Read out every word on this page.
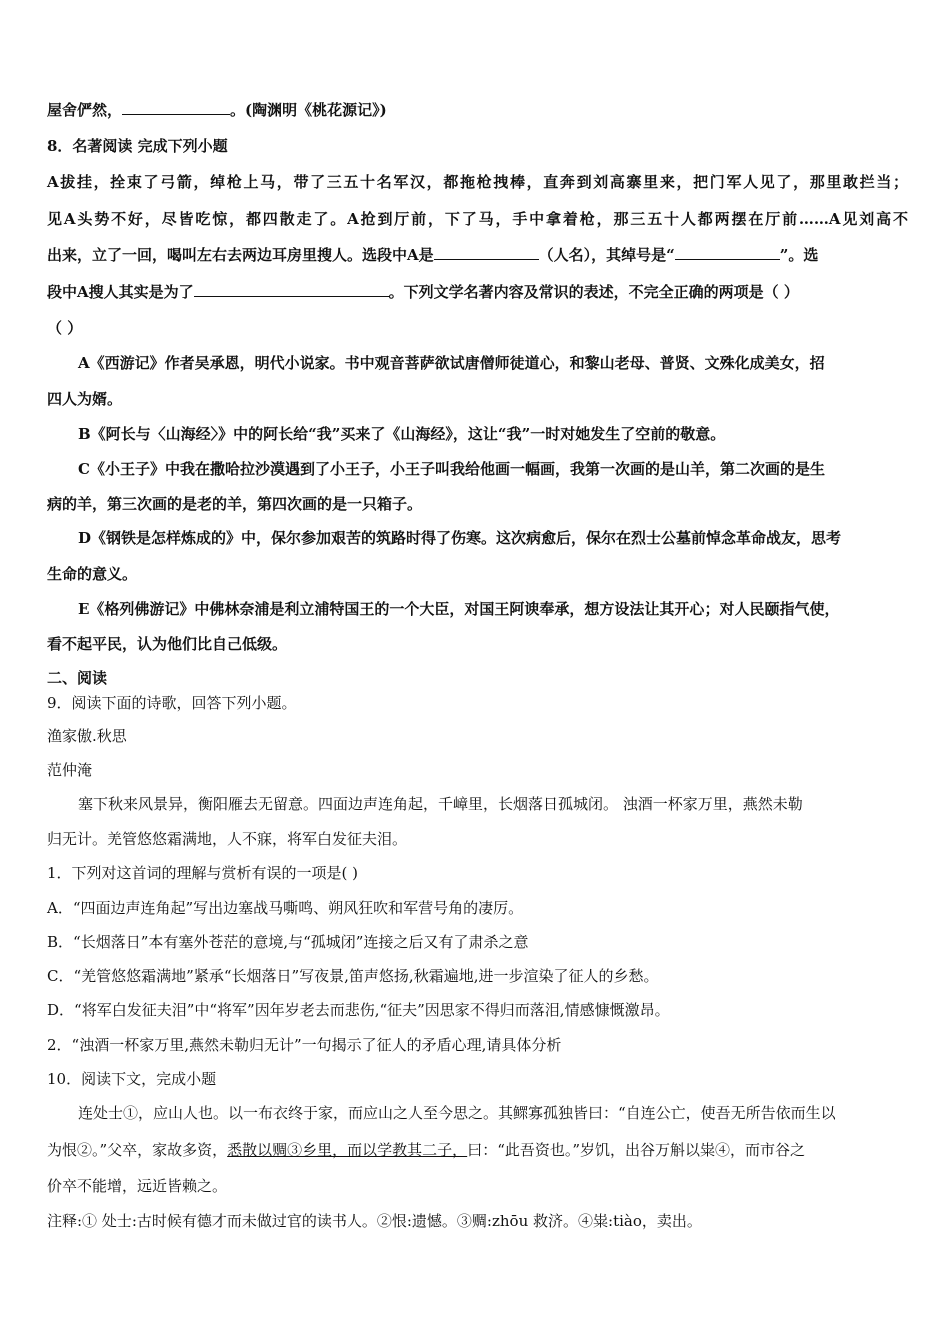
屋舍俨然，	。(陶渊明《桃花源记》)
8．名著阅读 完成下列小题
A拔挂，拴束了弓箭，绰枪上马，带了三五十名军汉，都拖枪拽棒，直奔到刘高寨里来，把门军人见了，那里敢拦当；
见A头势不好，尽皆吃惊，都四散走了。A抢到厅前，下了马，手中拿着枪，那三五十人都两摆在厅前……A见刘高不
出来，立了一回，喝叫左右去两边耳房里搜人。选段中A是	（人名），其绰号是“	”。选
段中A搜人其实是为了	。下列文学名著内容及常识的表述，不完全正确的两项是（ ）
（ ）
A《西游记》作者吴承恩，明代小说家。书中观音菩萨欲试唐僧师徒道心，和黎山老母、普贤、文殊化成美女，招
四人为婿。
B《阿长与〈山海经〉》中的阿长给“我”买来了《山海经》，这让“我”一时对她发生了空前的敬意。
C《小王子》中我在撒哈拉沙漠遇到了小王子，小王子叫我给他画一幅画，我第一次画的是山羊，第二次画的是生
病的羊，第三次画的是老的羊，第四次画的是一只箱子。
D《钢铁是怎样炼成的》中，保尔参加艰苦的筑路时得了伤寒。这次病愈后，保尔在烈士公墓前悼念革命战友，思考
生命的意义。
E《格列佛游记》中佛林奈浦是利立浦特国王的一个大臣，对国王阿谀奉承，想方设法让其开心；对人民颐指气使，
看不起平民，认为他们比自己低级。
二、阅读
9．阅读下面的诗歌，回答下列小题。
渔家傲.秋思
范仲淹
塞下秋来风景异，衡阳雁去无留意。四面边声连角起，千嶂里，长烟落日孤城闭。 浊酒一杯家万里，燕然未勒
归无计。羌管悠悠霜满地，人不寐，将军白发征夫泪。
1．下列对这首词的理解与赏析有误的一项是( )
A．“四面边声连角起”写出边塞战马嘶鸣、朔风狂吹和军营号角的凄厉。
B．“长烟落日”本有塞外苍茫的意境,与“孤城闭”连接之后又有了肃杀之意
C．“羌管悠悠霜满地”紧承“长烟落日”写夜景,笛声悠扬,秋霜遍地,进一步渲染了征人的乡愁。
D．“将军白发征夫泪”中“将军”因年岁老去而悲伤,“征夫”因思家不得归而落泪,情感慷慨激昂。
2．“浊酒一杯家万里,燕然未勒归无计”一句揭示了征人的矛盾心理,请具体分析
10．阅读下文，完成小题
连处士①，应山人也。以一布衣终于家，而应山之人至今思之。其鳏寡孤独皆曰：“自连公亡，使吾无所告依而生以
为恨②。”父卒，家故多资，悉散以赒③乡里，而以学教其二子，曰：“此吾资也。”岁饥，出谷万斛以粜④，而市谷之
价卒不能增，远近皆赖之。
注释:① 处士:古时候有德才而未做过官的读书人。②恨:遗憾。③赒:zhōu 救济。④粜:tiào，卖出。
